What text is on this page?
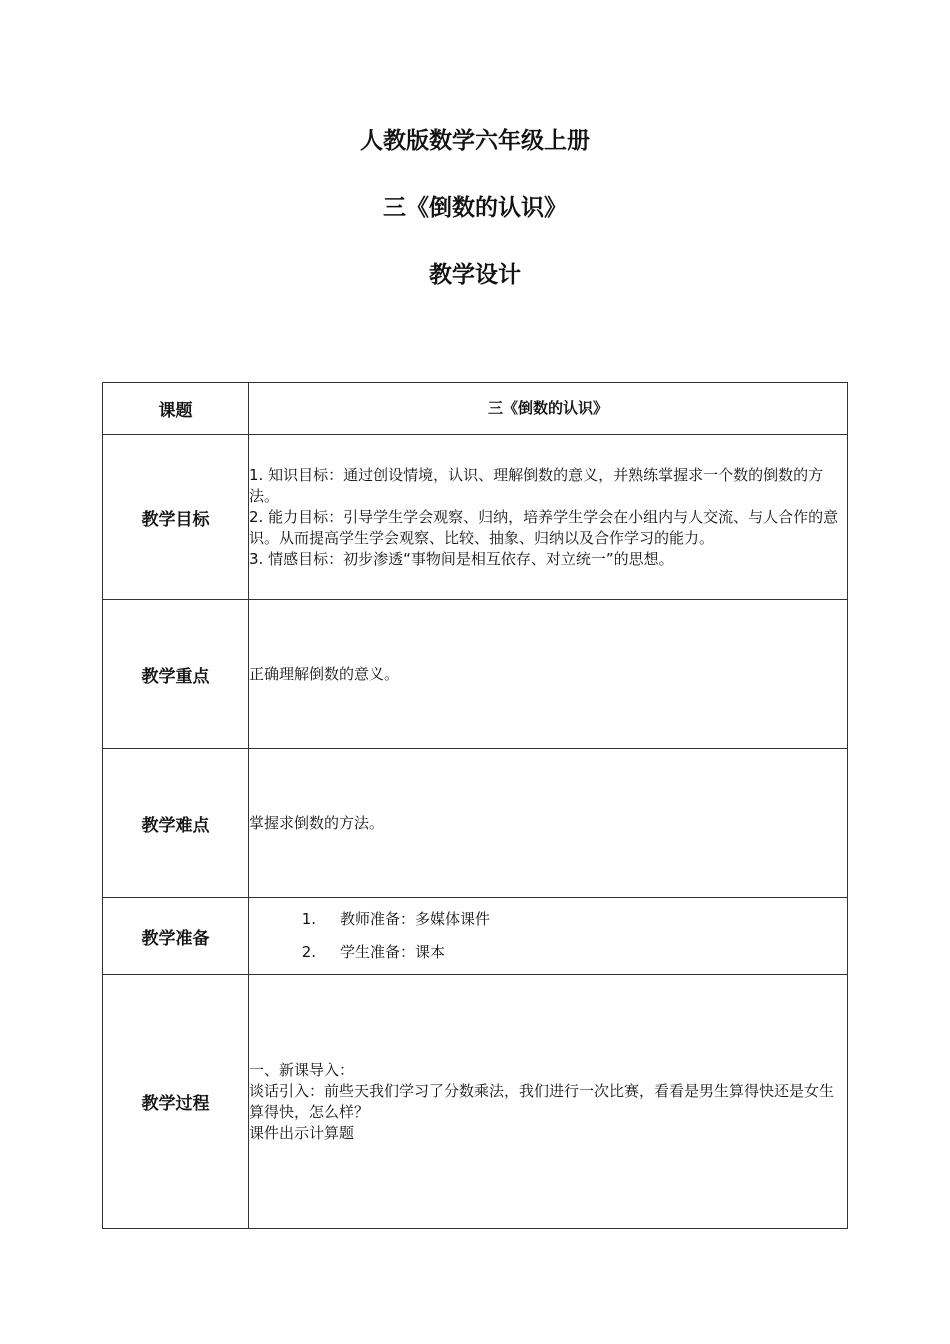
人教版数学六年级上册
三《倒数的认识》
教学设计
课题	三《倒数的认识》
教学目标	1. 知识目标：通过创设情境，认识、理解倒数的意义，并熟练掌握求一个数的倒数的方法。

2. 能力目标：引导学生学会观察、归纳，培养学生学会在小组内与人交流、与人合作的意识。从而提高学生学会观察、比较、抽象、归纳以及合作学习的能力。

3. 情感目标：初步渗透“事物间是相互依存、对立统一”的思想。

教学重点	正确理解倒数的意义。
教学难点	掌握求倒数的方法。
教学准备	1. 教师准备：多媒体课件
2. 学生准备：课本

教学过程	一、新课导入：

谈话引入：前些天我们学习了分数乘法，我们进行一次比赛，看看是男生算得快还是女生算得快，怎么样？

课件出示计算题
